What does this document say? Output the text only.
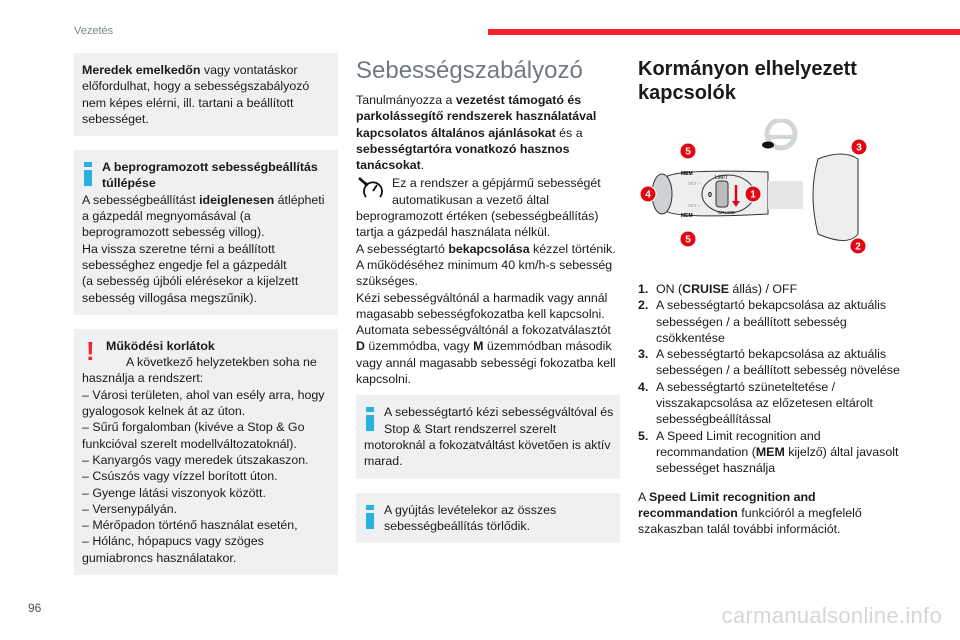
Vezetés
Meredek emelkedőn vagy vontatáskor előfordulhat, hogy a sebességszabályozó nem képes elérni, ill. tartani a beállított sebességet.
A beprogramozott sebességbeállítás túllépése
A sebességbeállítást ideiglenesen átlépheti a gázpedál megnyomásával (a beprogramozott sebesség villog).
Ha vissza szeretne térni a beállított sebességhez engedje fel a gázpedált
(a sebesség újbóli elérésekor a kijelzett sebesség villogása megszűnik).
! Működési korlátok
A következő helyzetekben soha ne használja a rendszert:
– Városi területen, ahol van esély arra, hogy gyalogosok kelnek át az úton.
– Sűrű forgalomban (kivéve a Stop & Go funkcióval szerelt modellváltozatoknál).
– Kanyargós vagy meredek útszakaszon.
– Csúszós vagy vízzel borított úton.
– Gyenge látási viszonyok között.
– Versenypályán.
– Mérőpadon történő használat esetén,
– Hólánc, hópapucs vagy szöges gumiabroncs használatakor.
Sebességszabályozó
Tanulmányozza a vezetést támogató és parkolássegítő rendszerek használatával kapcsolatos általános ajánlásokat és a sebességtartóra vonatkozó hasznos tanácsokat.
Ez a rendszer a gépjármű sebességét automatikusan a vezető által beprogramozott értéken (sebességbeállítás) tartja a gázpedál használata nélkül.
A sebességtartó bekapcsolása kézzel történik.
A működéséhez minimum 40 km/h-s sebesség szükséges.
Kézi sebességváltónál a harmadik vagy annál magasabb sebességfokozatba kell kapcsolni.
Automata sebességváltónál a fokozatválasztót D üzemmódba, vagy M üzemmódban második vagy annál magasabb sebességi fokozatba kell kapcsolni.
A sebességtartó kézi sebességváltóval és Stop & Start rendszerrel szerelt motoroknál a fokozatváltást követően is aktív marad.
A gyújtás levételekor az összes sebességbeállítás törlődik.
Kormányon elhelyezett kapcsolók
LIMIT
0
CRUISE
SET +
SET –
MEM
MEM
1
2
3
4
5
5
1. ON (CRUISE állás) / OFF
2. A sebességtartó bekapcsolása az aktuális sebességen / a beállított sebesség csökkentése
3. A sebességtartó bekapcsolása az aktuális sebességen / a beállított sebesség növelése
4. A sebességtartó szüneteltetése / visszakapcsolása az előzetesen eltárolt sebességbeállítással
5. A Speed Limit recognition and recommandation (MEM kijelző) által javasolt sebességet használja
A Speed Limit recognition and recommandation funkcióról a megfelelő szakaszban talál további információt.
96	carmanualsonline.info
